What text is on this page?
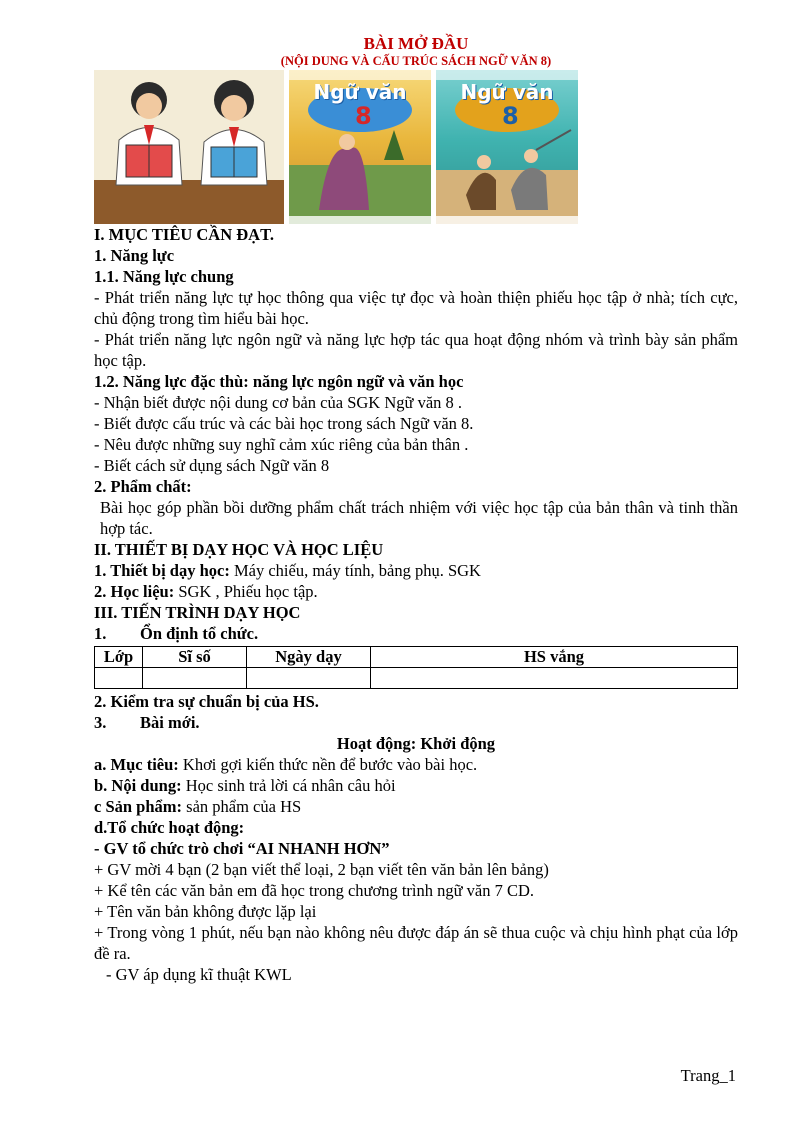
BÀI MỞ ĐẦU
(NỘI DUNG VÀ CẤU TRÚC SÁCH NGỮ VĂN 8)
Ngữ văn
8
Ngữ văn
8

I. MỤC TIÊU CẦN ĐẠT.

1. Năng lực

1.1. Năng lực chung

- Phát triển năng lực tự học thông qua việc tự đọc và hoàn thiện phiếu học tập ở nhà; tích cực, chủ động trong tìm hiểu bài học.

- Phát triển năng lực ngôn ngữ và năng lực hợp tác qua hoạt động nhóm và trình bày sản phẩm học tập.

1.2. Năng lực đặc thù: năng lực ngôn ngữ và văn học

- Nhận biết được nội dung cơ bản của SGK Ngữ văn 8 .

- Biết được cấu trúc và các bài học trong sách Ngữ văn 8.

- Nêu được những suy nghĩ cảm xúc riêng của bản thân .

- Biết cách sử dụng sách Ngữ văn 8

2. Phẩm chất:

Bài học góp phần bồi dưỡng phẩm chất trách nhiệm với việc học tập của bản thân và tinh thần hợp tác.

II. THIẾT BỊ DẠY HỌC VÀ HỌC LIỆU

1. Thiết bị dạy học: Máy chiếu, máy tính, bảng phụ. SGK

2. Học liệu: SGK , Phiếu học tập.

III. TIẾN TRÌNH DẠY HỌC

1. Ổn định tổ chức.

Lớp	Sĩ số	Ngày dạy	HS vắng

2. Kiểm tra sự chuẩn bị của HS.

3. Bài mới.

Hoạt động: Khởi động

a. Mục tiêu: Khơi gợi kiến thức nền để bước vào bài học.

b. Nội dung: Học sinh trả lời cá nhân câu hỏi

c Sản phẩm: sản phẩm của HS

d.Tổ chức hoạt động:

- GV tổ chức trò chơi “AI NHANH HƠN”

+ GV mời 4 bạn (2 bạn viết thể loại, 2 bạn viết tên văn bản lên bảng)

+ Kể tên các văn bản em đã học trong chương trình ngữ văn 7 CD.

+ Tên văn bản không được lặp lại

+ Trong vòng 1 phút, nếu bạn nào không nêu được đáp án sẽ thua cuộc và chịu hình phạt của lớp đề ra.

- GV áp dụng kĩ thuật KWL

Trang_1
